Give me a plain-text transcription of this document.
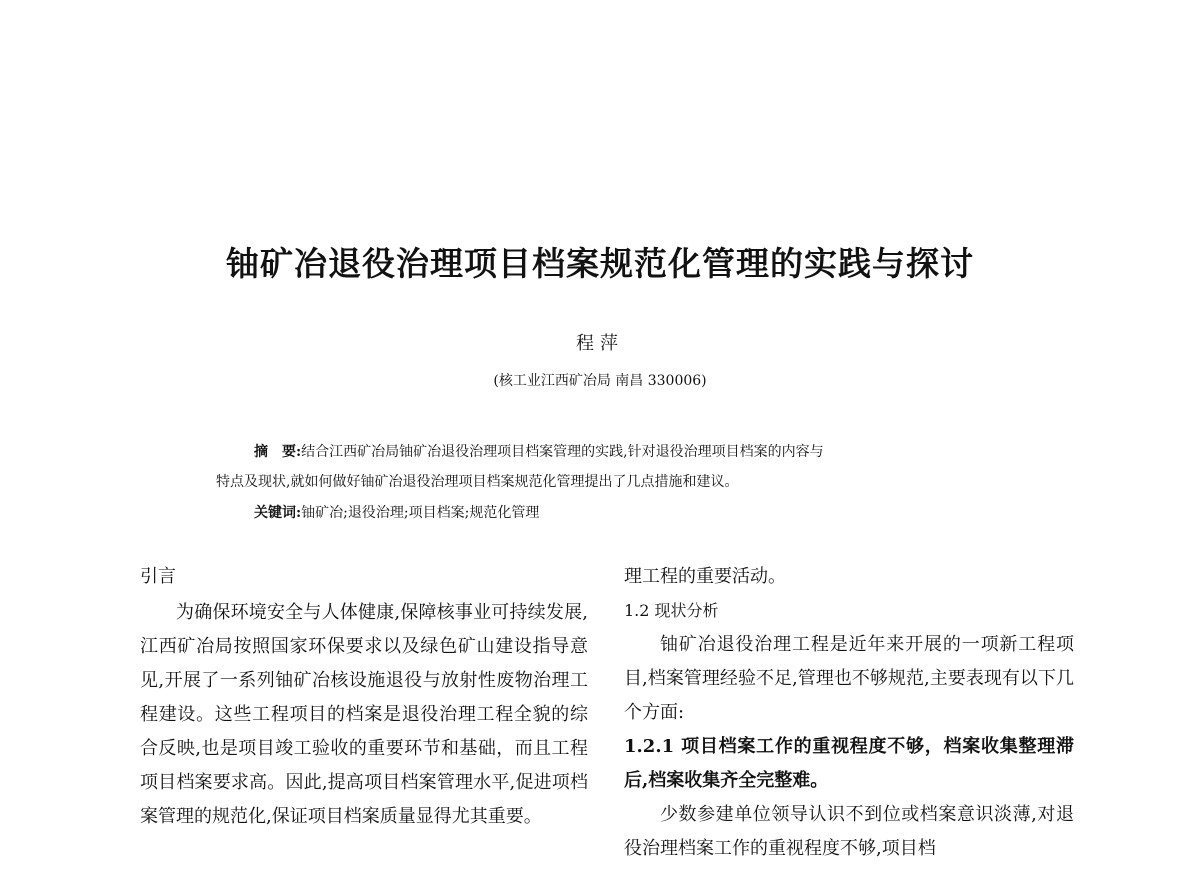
铀矿冶退役治理项目档案规范化管理的实践与探讨
程萍
(核工业江西矿冶局 南昌 330006)
摘　要:结合江西矿冶局铀矿冶退役治理项目档案管理的实践,针对退役治理项目档案的内容与
特点及现状,就如何做好铀矿冶退役治理项目档案规范化管理提出了几点措施和建议。
关键词:铀矿冶;退役治理;项目档案;规范化管理
引言
为确保环境安全与人体健康,保障核事业可持续发展,江西矿冶局按照国家环保要求以及绿色矿山建设指导意见,开展了一系列铀矿冶核设施退役与放射性废物治理工程建设。这些工程项目的档案是退役治理工程全貌的综合反映,也是项目竣工验收的重要环节和基础，而且工程项目档案要求高。因此,提高项目档案管理水平,促进项档案管理的规范化,保证项目档案质量显得尤其重要。
理工程的重要活动。
1.2 现状分析
铀矿冶退役治理工程是近年来开展的一项新工程项目,档案管理经验不足,管理也不够规范,主要表现有以下几个方面:
1.2.1 项目档案工作的重视程度不够，档案收集整理滞后,档案收集齐全完整难。
少数参建单位领导认识不到位或档案意识淡薄,对退役治理档案工作的重视程度不够,项目档
